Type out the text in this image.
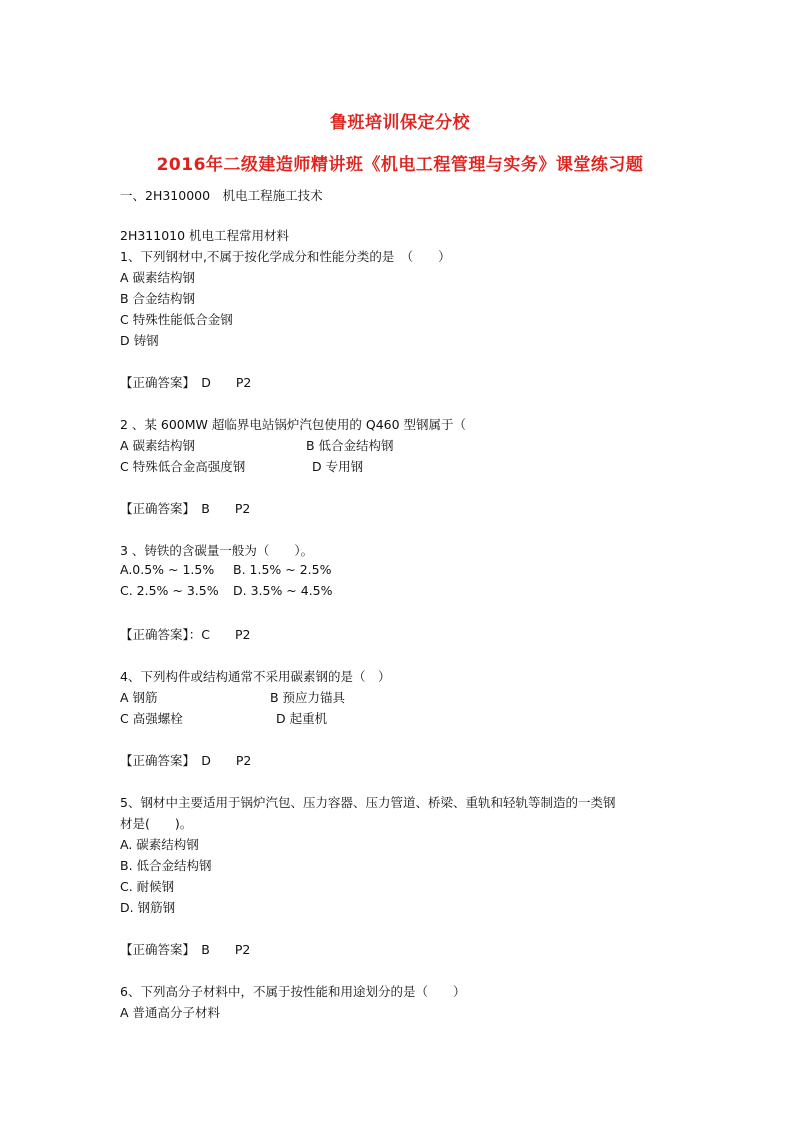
鲁班培训保定分校
2016年二级建造师精讲班《机电工程管理与实务》课堂练习题
一、2H310000　机电工程施工技术
2H311010 机电工程常用材料
1、下列钢材中,不属于按化学成分和性能分类的是　（　　）
A 碳素结构钢
B 合金结构钢
C 特殊性能低合金钢
D 铸钢
【正确答案】　D　　P2
2 、某 600MW 超临界电站锅炉汽包使用的 Q460 型钢属于（
A 碳素结构钢	B 低合金结构钢
C 特殊低合金高强度钢	D 专用钢
【正确答案】　B　　P2
3 、铸铁的含碳量一般为（　　）。
A.0.5% ~ 1.5% B. 1.5% ~ 2.5%
C. 2.5% ~ 3.5% D. 3.5% ~ 4.5%
【正确答案】：C　　P2
4、下列构件或结构通常不采用碳素钢的是（　）
A 钢筋	B 预应力锚具
C 高强螺栓	D 起重机
【正确答案】　D　　P2
5、钢材中主要适用于锅炉汽包、压力容器、压力管道、桥梁、重轨和轻轨等制造的一类钢
材是(　　)。
A. 碳素结构钢
B. 低合金结构钢
C. 耐候钢
D. 钢筋钢
【正确答案】　B　　P2
6、下列高分子材料中，不属于按性能和用途划分的是（　　）
A 普通高分子材料
